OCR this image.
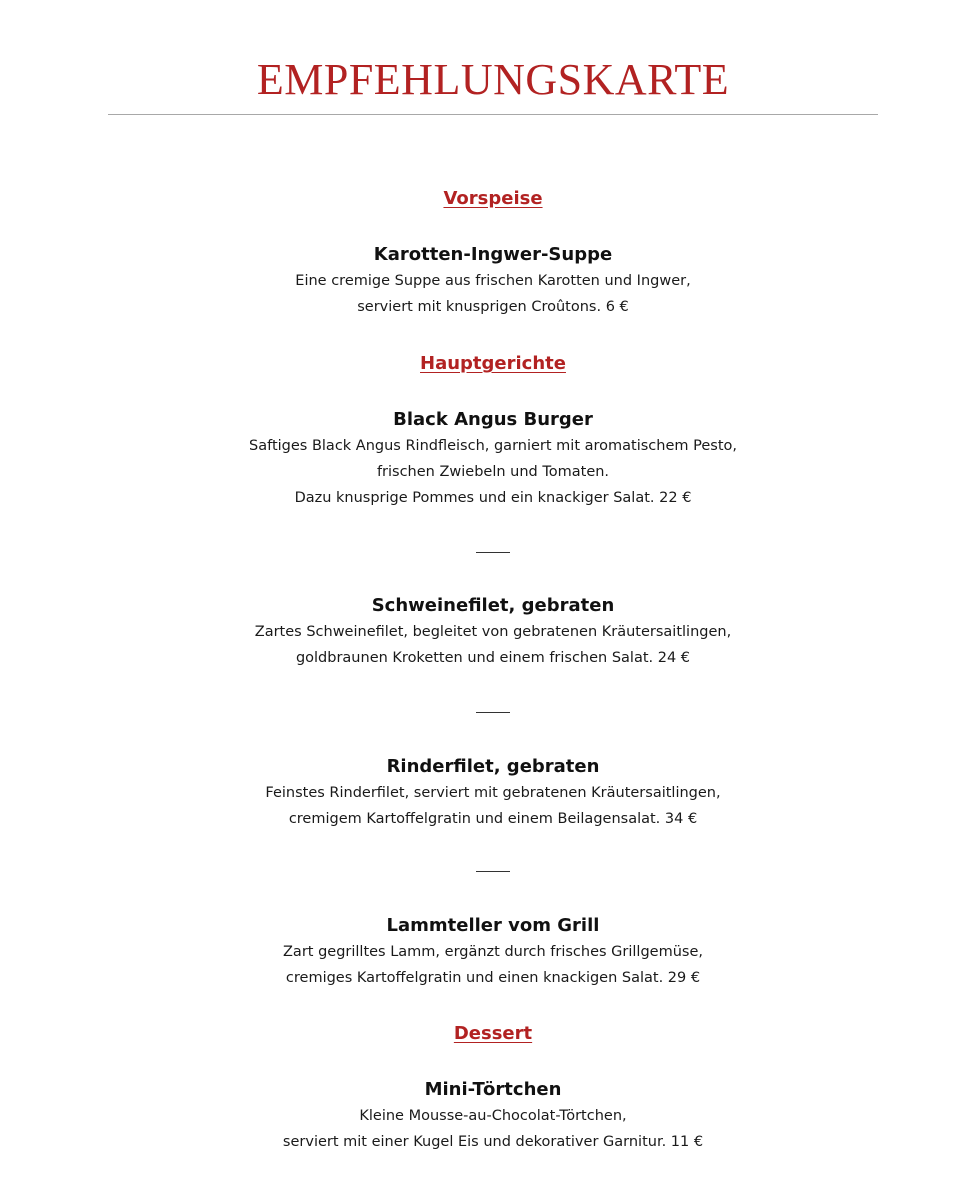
EMPFEHLUNGSKARTE
Vorspeise
Karotten-Ingwer-Suppe
Eine cremige Suppe aus frischen Karotten und Ingwer,
serviert mit knusprigen Croûtons. 6 €
Hauptgerichte
Black Angus Burger
Saftiges Black Angus Rindfleisch, garniert mit aromatischem Pesto,
frischen Zwiebeln und Tomaten.
Dazu knusprige Pommes und ein knackiger Salat. 22 €
Schweinefilet, gebraten
Zartes Schweinefilet, begleitet von gebratenen Kräutersaitlingen,
goldbraunen Kroketten und einem frischen Salat. 24 €
Rinderfilet, gebraten
Feinstes Rinderfilet, serviert mit gebratenen Kräutersaitlingen,
cremigem Kartoffelgratin und einem Beilagensalat. 34 €
Lammteller vom Grill
Zart gegrilltes Lamm, ergänzt durch frisches Grillgemüse,
cremiges Kartoffelgratin und einen knackigen Salat. 29 €
Dessert
Mini-Törtchen
Kleine Mousse-au-Chocolat-Törtchen,
serviert mit einer Kugel Eis und dekorativer Garnitur. 11 €
